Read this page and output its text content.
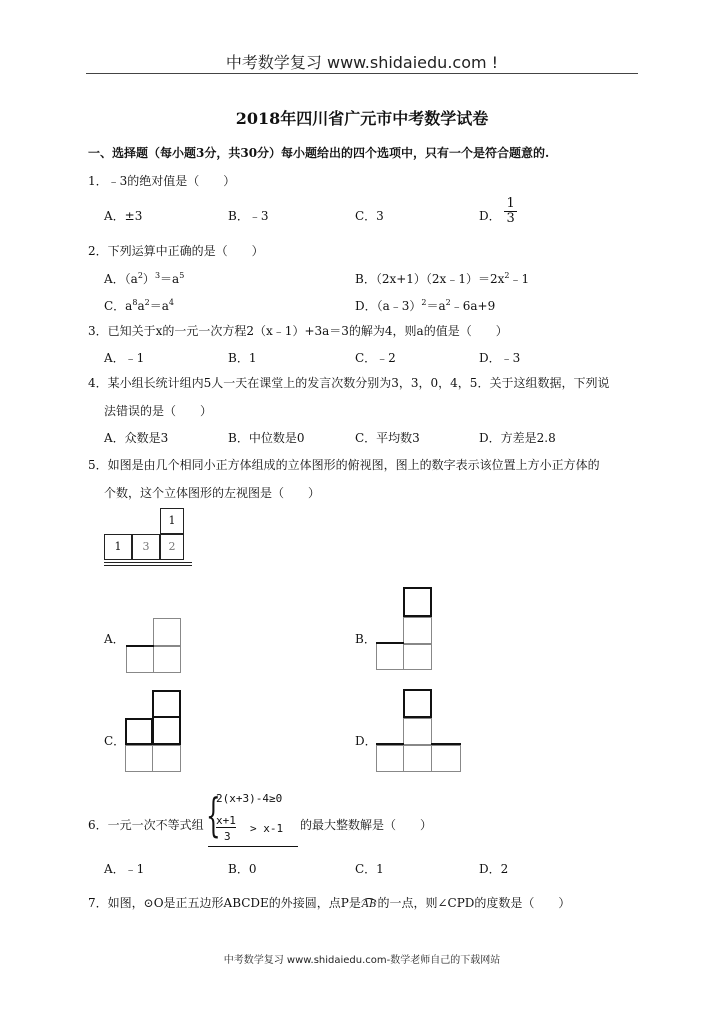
中考数学复习 www.shidaiedu.com !
2018年四川省广元市中考数学试卷
一、选择题（每小题3分，共30分）每小题给出的四个选项中，只有一个是符合题意的.
1．﹣3的绝对值是（　　）
A．±3	B．﹣3	C．3	D． $\frac{1}{3}$
2．下列运算中正确的是（　　）
A．$(a^2)^3=a^5$	B．$(2x+1)(2x﹣1)=2x^2﹣1$
C．$a^8a^2=a^4$	D．$(a﹣3)^2=a^2﹣6a+9$
3．已知关于x的一元一次方程2（x﹣1）+3a＝3的解为4，则a的值是（　　）
A．﹣1	B．1	C．﹣2	D．﹣3
4．某小组长统计组内5人一天在课堂上的发言次数分别为3，3，0，4，5．关于这组数据，下列说
法错误的是（　　）
A．众数是3	B．中位数是0	C．平均数3	D．方差是2.8
5．如图是由几个相同小正方体组成的立体图形的俯视图，图上的数字表示该位置上方小正方体的
个数，这个立体图形的左视图是（　　）
1
1	3	2
A．	B．
C．	D．
6．一元一次不等式组 {
2(x+3)-4≥0
x+1
3
> x-1 的最大整数解是（　　）
A．﹣1	B．0	C．1	D．2
7．如图，⊙O是正五边形ABCDE的外接圆，点P是AB的一点，则∠CPD的度数是（　　）
中考数学复习 www.shidaiedu.com-数学老师自己的下载网站
